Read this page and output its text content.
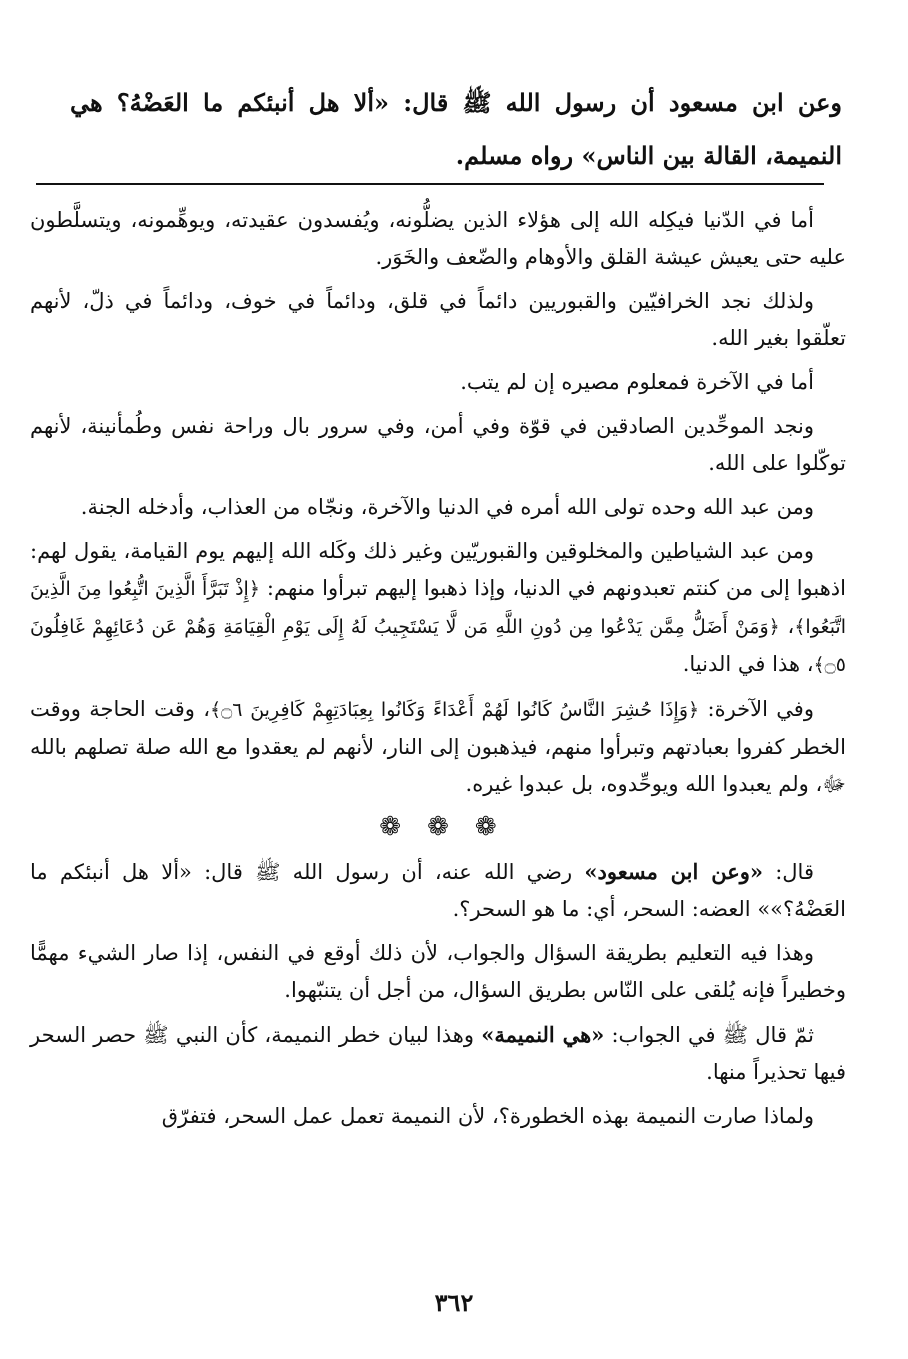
وعن ابن مسعود أن رسول الله ﷺ قال: «ألا هل أنبئكم ما العَضْهُ؟ هي النميمة، القالة بين الناس» رواه مسلم.

أما في الدّنيا فيكِله الله إلى هؤلاء الذين يضلُّونه، ويُفسدون عقيدته، ويوهِّمونه، ويتسلَّطون عليه حتى يعيش عيشة القلق والأوهام والضّعف والخَوَر.

ولذلك نجد الخرافيّين والقبوريين دائماً في قلق، ودائماً في خوف، ودائماً في ذلّ، لأنهم تعلّقوا بغير الله.

أما في الآخرة فمعلوم مصيره إن لم يتب.

ونجد الموحِّدين الصادقين في قوّة وفي أمن، وفي سرور بال وراحة نفس وطُمأنينة، لأنهم توكّلوا على الله.

ومن عبد الله وحده تولى الله أمره في الدنيا والآخرة، ونجّاه من العذاب، وأدخله الجنة.

ومن عبد الشياطين والمخلوقين والقبوريّين وغير ذلك وكَله الله إليهم يوم القيامة، يقول لهم: اذهبوا إلى من كنتم تعبدونهم في الدنيا، وإذا ذهبوا إليهم تبرأوا منهم: ﴿إِذْ تَبَرَّأَ الَّذِينَ اتُّبِعُوا مِنَ الَّذِينَ اتَّبَعُوا﴾، ﴿وَمَنْ أَضَلُّ مِمَّن يَدْعُوا مِن دُونِ اللَّهِ مَن لَّا يَسْتَجِيبُ لَهُ إِلَى يَوْمِ الْقِيَامَةِ وَهُمْ عَن دُعَائِهِمْ غَافِلُونَ ۝٥﴾، هذا في الدنيا.

وفي الآخرة: ﴿وَإِذَا حُشِرَ النَّاسُ كَانُوا لَهُمْ أَعْدَاءً وَكَانُوا بِعِبَادَتِهِمْ كَافِرِينَ ۝٦﴾، وقت الحاجة ووقت الخطر كفروا بعبادتهم وتبرأوا منهم، فيذهبون إلى النار، لأنهم لم يعقدوا مع الله صلة تصلهم بالله ﷻ، ولم يعبدوا الله ويوحِّدوه، بل عبدوا غيره.

❁ ❁ ❁

قال: «وعن ابن مسعود» رضي الله عنه، أن رسول الله ﷺ قال: «ألا هل أنبئكم ما العَضْهُ؟»» العضه: السحر، أي: ما هو السحر؟.

وهذا فيه التعليم بطريقة السؤال والجواب، لأن ذلك أوقع في النفس، إذا صار الشيء مهمًّا وخطيراً فإنه يُلقى على النّاس بطريق السؤال، من أجل أن يتنبّهوا.

ثمّ قال ﷺ في الجواب: «هي النميمة» وهذا لبيان خطر النميمة، كأن النبي ﷺ حصر السحر فيها تحذيراً منها.

ولماذا صارت النميمة بهذه الخطورة؟، لأن النميمة تعمل عمل السحر، فتفرّق

٣٦٢
